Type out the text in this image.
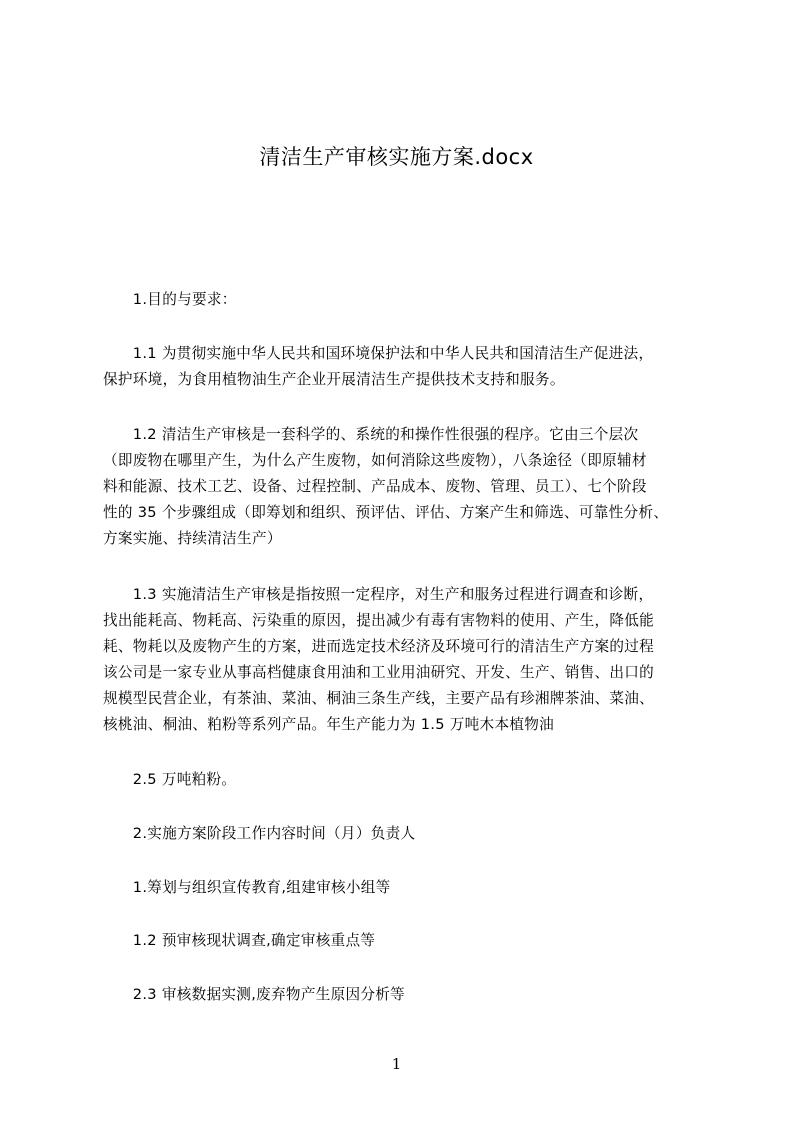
清洁生产审核实施方案.docx
　　1.目的与要求：
　　1.1 为贯彻实施中华人民共和国环境保护法和中华人民共和国清洁生产促进法，
保护环境，为食用植物油生产企业开展清洁生产提供技术支持和服务。
　　1.2 清洁生产审核是一套科学的、系统的和操作性很强的程序。它由三个层次
（即废物在哪里产生，为什么产生废物，如何消除这些废物），八条途径（即原辅材
料和能源、技术工艺、设备、过程控制、产品成本、废物、管理、员工）、七个阶段
性的 35 个步骤组成（即筹划和组织、预评估、评估、方案产生和筛选、可靠性分析、
方案实施、持续清洁生产）
　　1.3 实施清洁生产审核是指按照一定程序，对生产和服务过程进行调查和诊断，
找出能耗高、物耗高、污染重的原因，提出减少有毒有害物料的使用、产生，降低能
耗、物耗以及废物产生的方案，进而选定技术经济及环境可行的清洁生产方案的过程
该公司是一家专业从事高档健康食用油和工业用油研究、开发、生产、销售、出口的
规模型民营企业，有茶油、菜油、桐油三条生产线，主要产品有珍湘牌茶油、菜油、
核桃油、桐油、粕粉等系列产品。年生产能力为 1.5 万吨木本植物油
　　2.5 万吨粕粉。
　　2.实施方案阶段工作内容时间（月）负责人
　　1.筹划与组织宣传教育,组建审核小组等
　　1.2 预审核现状调查,确定审核重点等
　　2.3 审核数据实测,废弃物产生原因分析等
1
